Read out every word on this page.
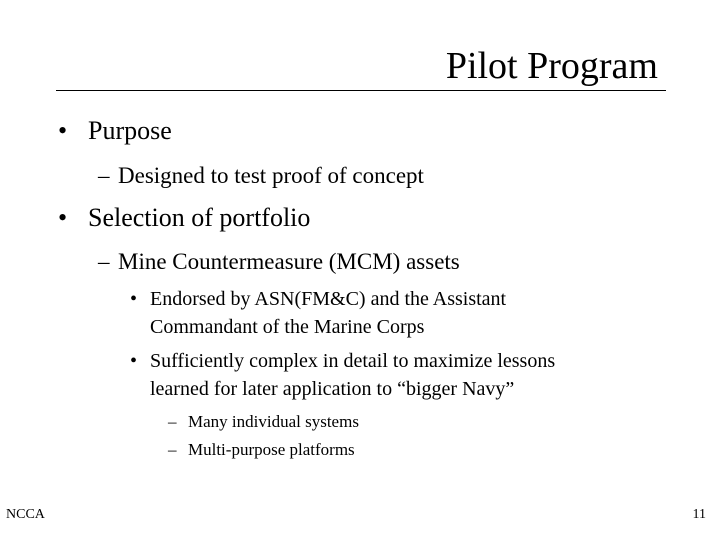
Pilot Program
• Purpose
– Designed to test proof of concept
• Selection of portfolio
– Mine Countermeasure (MCM) assets
• Endorsed by ASN(FM&C) and the Assistant
Commandant of the Marine Corps
• Sufficiently complex in detail to maximize lessons
learned for later application to “bigger Navy”
– Many individual systems
– Multi-purpose platforms
NCCA	11
